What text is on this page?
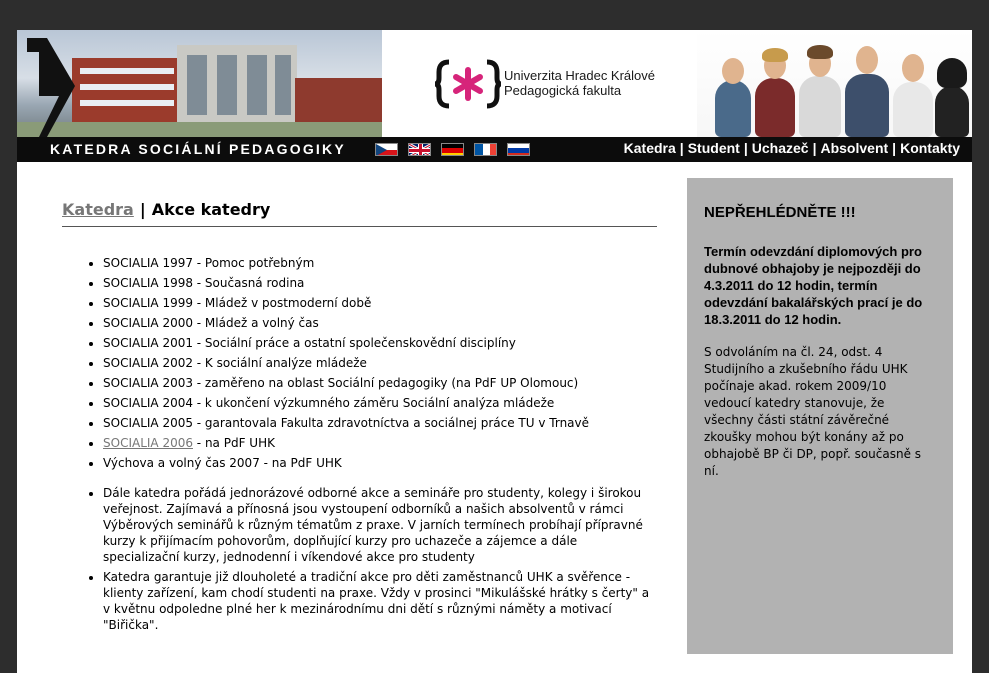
Univerzita Hradec Králové
Pedagogická fakulta
KATEDRA SOCIÁLNÍ PEDAGOGIKY	Katedra | Student | Uchazeč | Absolvent | Kontakty
Katedra | Akce katedry
• SOCIALIA 1997 - Pomoc potřebným
• SOCIALIA 1998 - Současná rodina
• SOCIALIA 1999 - Mládež v postmoderní době
• SOCIALIA 2000 - Mládež a volný čas
• SOCIALIA 2001 - Sociální práce a ostatní společenskovědní disciplíny
• SOCIALIA 2002 - K sociální analýze mládeže
• SOCIALIA 2003 - zaměřeno na oblast Sociální pedagogiky (na PdF UP Olomouc)
• SOCIALIA 2004 - k ukončení výzkumného záměru Sociální analýza mládeže
• SOCIALIA 2005 - garantovala Fakulta zdravotníctva a sociálnej práce TU v Trnavě
• SOCIALIA 2006 - na PdF UHK
• Výchova a volný čas 2007 - na PdF UHK
• Dále katedra pořádá jednorázové odborné akce a semináře pro studenty, kolegy i širokou veřejnost. Zajímavá a přínosná jsou vystoupení odborníků a našich absolventů v rámci Výběrových seminářů k různým tématům z praxe. V jarních termínech probíhají přípravné kurzy k přijímacím pohovorům, doplňující kurzy pro uchazeče a zájemce a dále specializační kurzy, jednodenní i víkendové akce pro studenty
• Katedra garantuje již dlouholeté a tradiční akce pro děti zaměstnanců UHK a svěřence - klienty zařízení, kam chodí studenti na praxe. Vždy v prosinci "Mikulášské hrátky s čerty" a v květnu odpoledne plné her k mezinárodnímu dni dětí s různými náměty a motivací "Biřička".
NEPŘEHLÉDNĚTE !!!
Termín odevzdání diplomových pro dubnové obhajoby je nejpozději do 4.3.2011 do 12 hodin, termín odevzdání bakalářských prací je do 18.3.2011 do 12 hodin.
S odvoláním na čl. 24, odst. 4 Studijního a zkušebního řádu UHK počínaje akad. rokem 2009/10 vedoucí katedry stanovuje, že všechny části státní závěrečné zkoušky mohou být konány až po obhajobě BP či DP, popř. současně s ní.
